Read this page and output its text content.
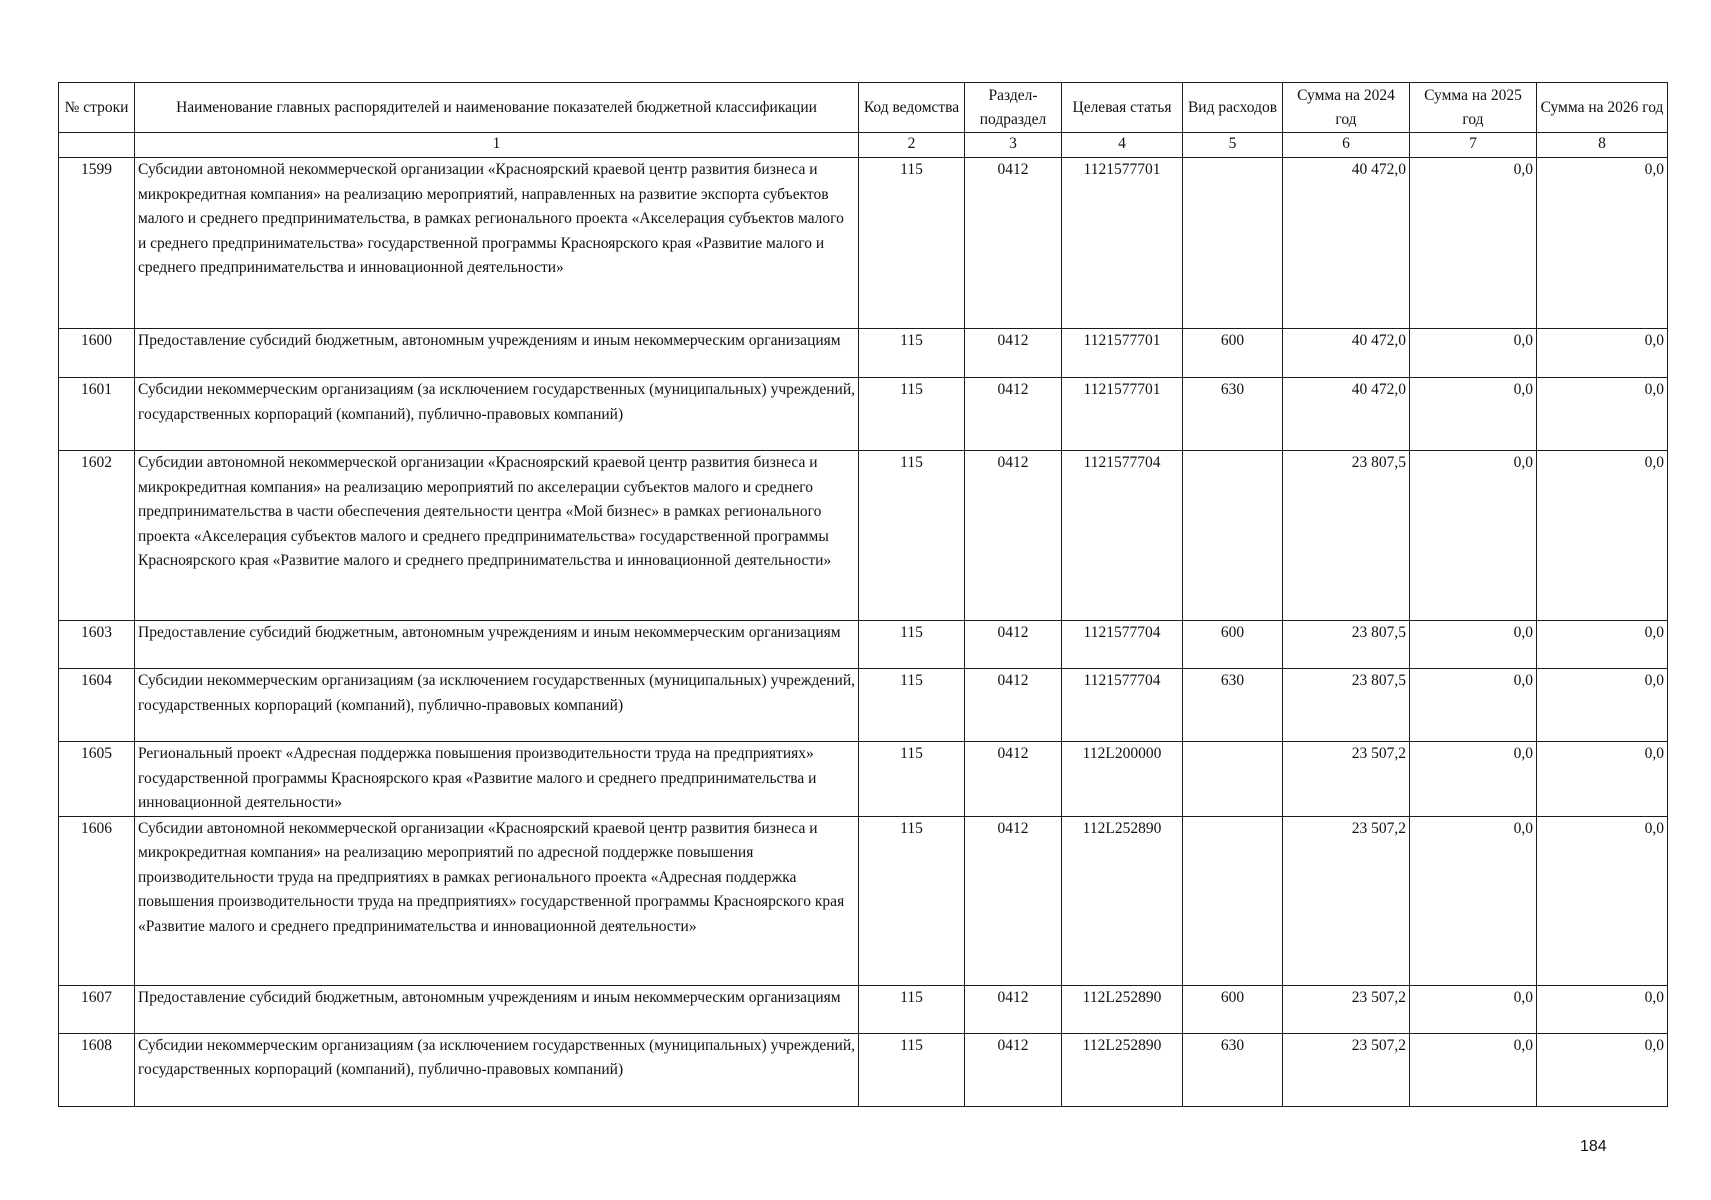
№ строки	Наименование главных распорядителей и наименование показателей бюджетной классификации	Код ведомства	Раздел-подраздел	Целевая статья	Вид расходов	Сумма на 2024 год	Сумма на 2025 год	Сумма на 2026 год
	1	2	3	4	5	6	7	8
1599	Субсидии автономной некоммерческой организации «Красноярский краевой центр развития бизнеса и микрокредитная компания» на реализацию мероприятий, направленных на развитие экспорта субъектов малого и среднего предпринимательства, в рамках регионального проекта «Акселерация субъектов малого и среднего предпринимательства» государственной программы Красноярского края «Развитие малого и среднего предпринимательства и инновационной деятельности»	115	0412	1121577701		40 472,0	0,0	0,0
1600	Предоставление субсидий бюджетным, автономным учреждениям и иным некоммерческим организациям	115	0412	1121577701	600	40 472,0	0,0	0,0
1601	Субсидии некоммерческим организациям (за исключением государственных (муниципальных) учреждений, государственных корпораций (компаний), публично-правовых компаний)	115	0412	1121577701	630	40 472,0	0,0	0,0
1602	Субсидии автономной некоммерческой организации «Красноярский краевой центр развития бизнеса и микрокредитная компания» на реализацию мероприятий по акселерации субъектов малого и среднего предпринимательства в части обеспечения деятельности центра «Мой бизнес» в рамках регионального проекта «Акселерация субъектов малого и среднего предпринимательства» государственной программы Красноярского края «Развитие малого и среднего предпринимательства и инновационной деятельности»	115	0412	1121577704		23 807,5	0,0	0,0
1603	Предоставление субсидий бюджетным, автономным учреждениям и иным некоммерческим организациям	115	0412	1121577704	600	23 807,5	0,0	0,0
1604	Субсидии некоммерческим организациям (за исключением государственных (муниципальных) учреждений, государственных корпораций (компаний), публично-правовых компаний)	115	0412	1121577704	630	23 807,5	0,0	0,0
1605	Региональный проект «Адресная поддержка повышения производительности труда на предприятиях» государственной программы Красноярского края «Развитие малого и среднего предпринимательства и инновационной деятельности»	115	0412	112L200000		23 507,2	0,0	0,0
1606	Субсидии автономной некоммерческой организации «Красноярский краевой центр развития бизнеса и микрокредитная компания» на реализацию мероприятий по адресной поддержке повышения производительности труда на предприятиях в рамках регионального проекта «Адресная поддержка повышения производительности труда на предприятиях» государственной программы Красноярского края «Развитие малого и среднего предпринимательства и инновационной деятельности»	115	0412	112L252890		23 507,2	0,0	0,0
1607	Предоставление субсидий бюджетным, автономным учреждениям и иным некоммерческим организациям	115	0412	112L252890	600	23 507,2	0,0	0,0
1608	Субсидии некоммерческим организациям (за исключением государственных (муниципальных) учреждений, государственных корпораций (компаний), публично-правовых компаний)	115	0412	112L252890	630	23 507,2	0,0	0,0
184
